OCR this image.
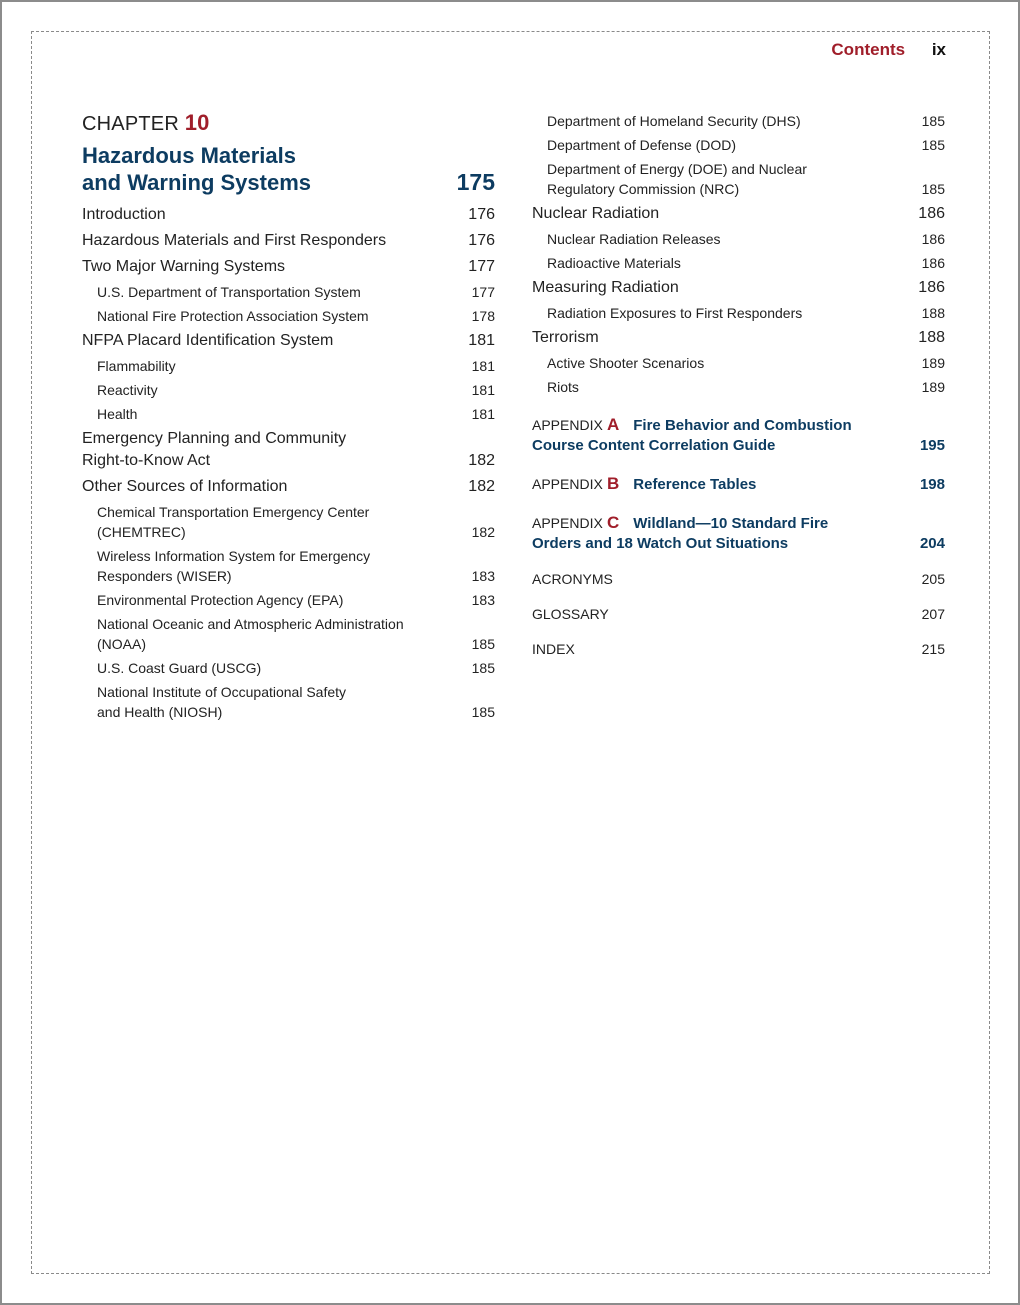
Contents ix
CHAPTER 10
Hazardous Materials
and Warning Systems	175
Introduction	176
Hazardous Materials and First Responders	176
Two Major Warning Systems	177
U.S. Department of Transportation System	177
National Fire Protection Association System	178
NFPA Placard Identification System	181
Flammability	181
Reactivity	181
Health	181
Emergency Planning and Community
Right-to-Know Act	182
Other Sources of Information	182
Chemical Transportation Emergency Center
(CHEMTREC)	182
Wireless Information System for Emergency
Responders (WISER)	183
Environmental Protection Agency (EPA)	183
National Oceanic and Atmospheric Administration
(NOAA)	185
U.S. Coast Guard (USCG)	185
National Institute of Occupational Safety
and Health (NIOSH)	185
Department of Homeland Security (DHS)	185
Department of Defense (DOD)	185
Department of Energy (DOE) and Nuclear
Regulatory Commission (NRC)	185
Nuclear Radiation	186
Nuclear Radiation Releases	186
Radioactive Materials	186
Measuring Radiation	186
Radiation Exposures to First Responders	188
Terrorism	188
Active Shooter Scenarios	189
Riots	189
APPENDIX A Fire Behavior and Combustion
Course Content Correlation Guide	195
APPENDIX B Reference Tables	198
APPENDIX C Wildland—10 Standard Fire
Orders and 18 Watch Out Situations	204
ACRONYMS	205
GLOSSARY	207
INDEX	215
